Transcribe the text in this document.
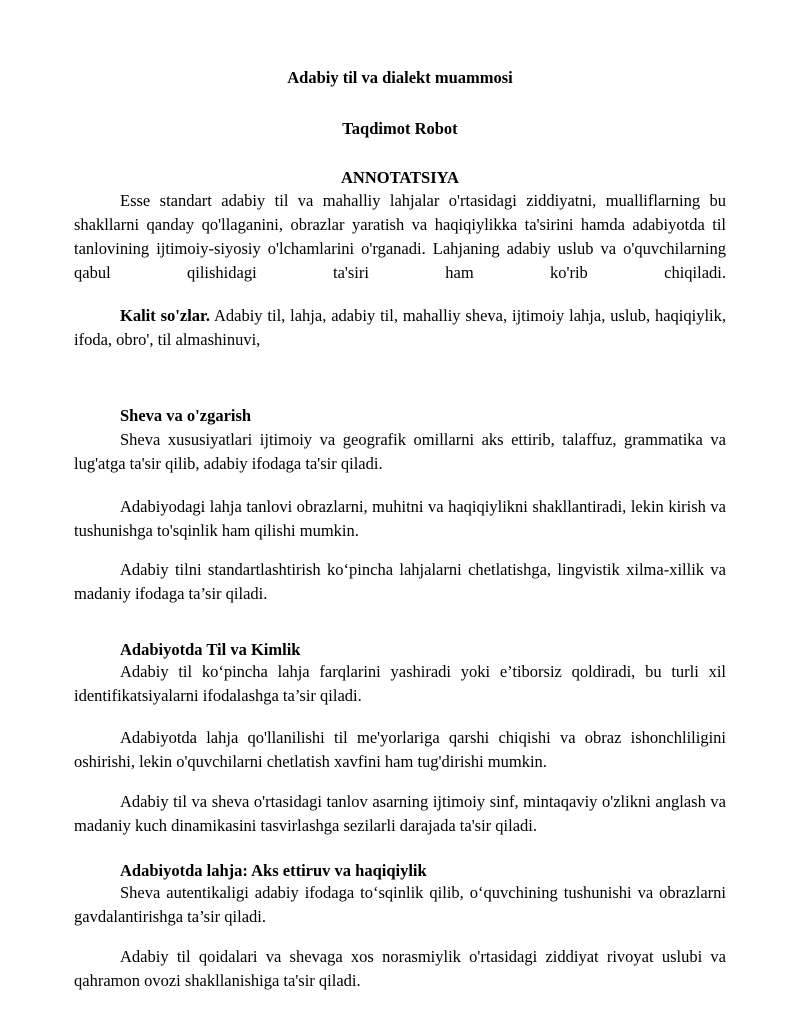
Adabiy til va dialekt muammosi
Taqdimot Robot
ANNOTATSIYA
Esse standart adabiy til va mahalliy lahjalar o'rtasidagi ziddiyatni, mualliflarning bu shakllarni qanday qo'llaganini, obrazlar yaratish va haqiqiylikka ta'sirini hamda adabiyotda til tanlovining ijtimoiy-siyosiy o'lchamlarini o'rganadi. Lahjaning adabiy uslub va o'quvchilarning qabul qilishidagi ta'siri ham ko'rib chiqiladi.
Kalit so'zlar. Adabiy til, lahja, adabiy til, mahalliy sheva, ijtimoiy lahja, uslub, haqiqiylik, ifoda, obro', til almashinuvi,
Sheva va o'zgarish
Sheva xususiyatlari ijtimoiy va geografik omillarni aks ettirib, talaffuz, grammatika va lug'atga ta'sir qilib, adabiy ifodaga ta'sir qiladi.
Adabiyodagi lahja tanlovi obrazlarni, muhitni va haqiqiylikni shakllantiradi, lekin kirish va tushunishga to'sqinlik ham qilishi mumkin.
Adabiy tilni standartlashtirish ko‘pincha lahjalarni chetlatishga, lingvistik xilma-xillik va madaniy ifodaga ta’sir qiladi.
Adabiyotda Til va Kimlik
Adabiy til ko‘pincha lahja farqlarini yashiradi yoki e’tiborsiz qoldiradi, bu turli xil identifikatsiyalarni ifodalashga ta’sir qiladi.
Adabiyotda lahja qo'llanilishi til me'yorlariga qarshi chiqishi va obraz ishonchliligini oshirishi, lekin o'quvchilarni chetlatish xavfini ham tug'dirishi mumkin.
Adabiy til va sheva o'rtasidagi tanlov asarning ijtimoiy sinf, mintaqaviy o'zlikni anglash va madaniy kuch dinamikasini tasvirlashga sezilarli darajada ta'sir qiladi.
Adabiyotda lahja: Aks ettiruv va haqiqiylik
Sheva autentikaligi adabiy ifodaga to‘sqinlik qilib, o‘quvchining tushunishi va obrazlarni gavdalantirishga ta’sir qiladi.
Adabiy til qoidalari va shevaga xos norasmiylik o'rtasidagi ziddiyat rivoyat uslubi va qahramon ovozi shakllanishiga ta'sir qiladi.
